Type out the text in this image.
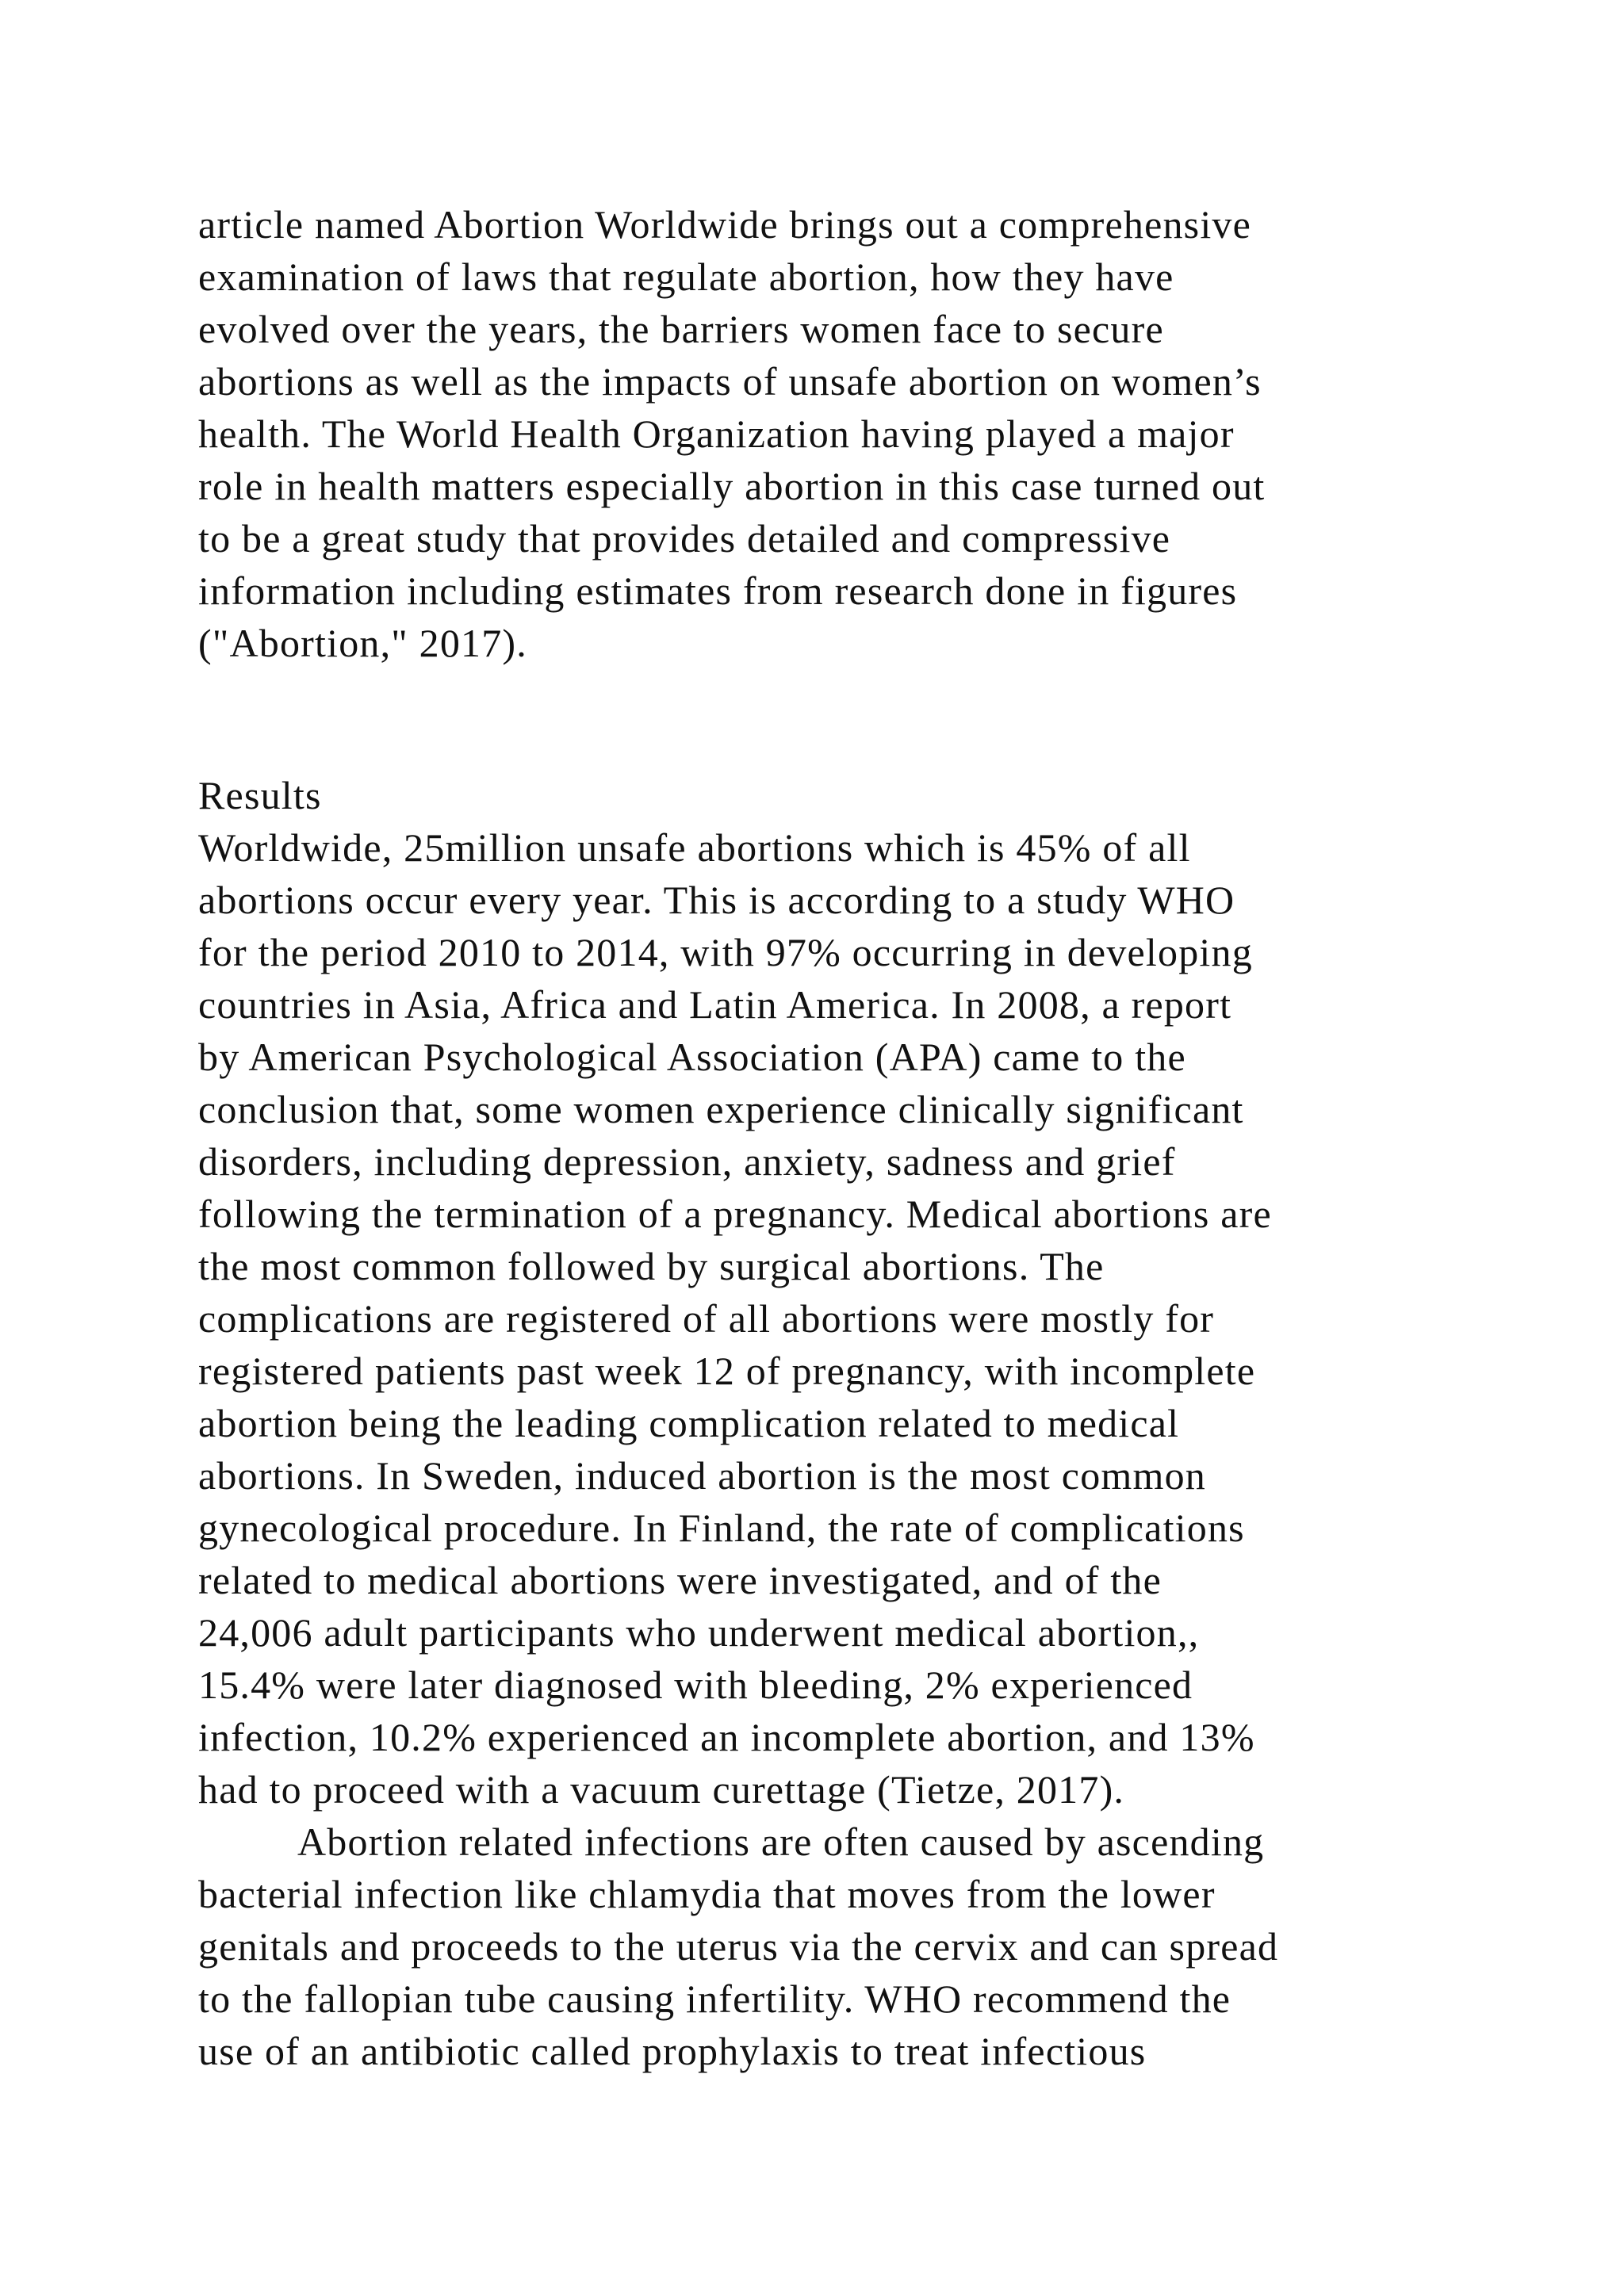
article named Abortion Worldwide brings out a comprehensive
examination of laws that regulate abortion, how they have
evolved over the years, the barriers women face to secure
abortions as well as the impacts of unsafe abortion on women’s
health. The World Health Organization having played a major
role in health matters especially abortion in this case turned out
to be a great study that provides detailed and compressive
information including estimates from research done in figures
("Abortion," 2017).
Results
Worldwide, 25million unsafe abortions which is 45% of all
abortions occur every year. This is according to a study WHO
for the period 2010 to 2014, with 97% occurring in developing
countries in Asia, Africa and Latin America. In 2008, a report
by American Psychological Association (APA) came to the
conclusion that, some women experience clinically significant
disorders, including depression, anxiety, sadness and grief
following the termination of a pregnancy. Medical abortions are
the most common followed by surgical abortions. The
complications are registered of all abortions were mostly for
registered patients past week 12 of pregnancy, with incomplete
abortion being the leading complication related to medical
abortions. In Sweden, induced abortion is the most common
gynecological procedure. In Finland, the rate of complications
related to medical abortions were investigated, and of the
24,006 adult participants who underwent medical abortion,,
15.4% were later diagnosed with bleeding, 2% experienced
infection, 10.2% experienced an incomplete abortion, and 13%
had to proceed with a vacuum curettage (Tietze, 2017).
Abortion related infections are often caused by ascending
bacterial infection like chlamydia that moves from the lower
genitals and proceeds to the uterus via the cervix and can spread
to the fallopian tube causing infertility. WHO recommend the
use of an antibiotic called prophylaxis to treat infectious
